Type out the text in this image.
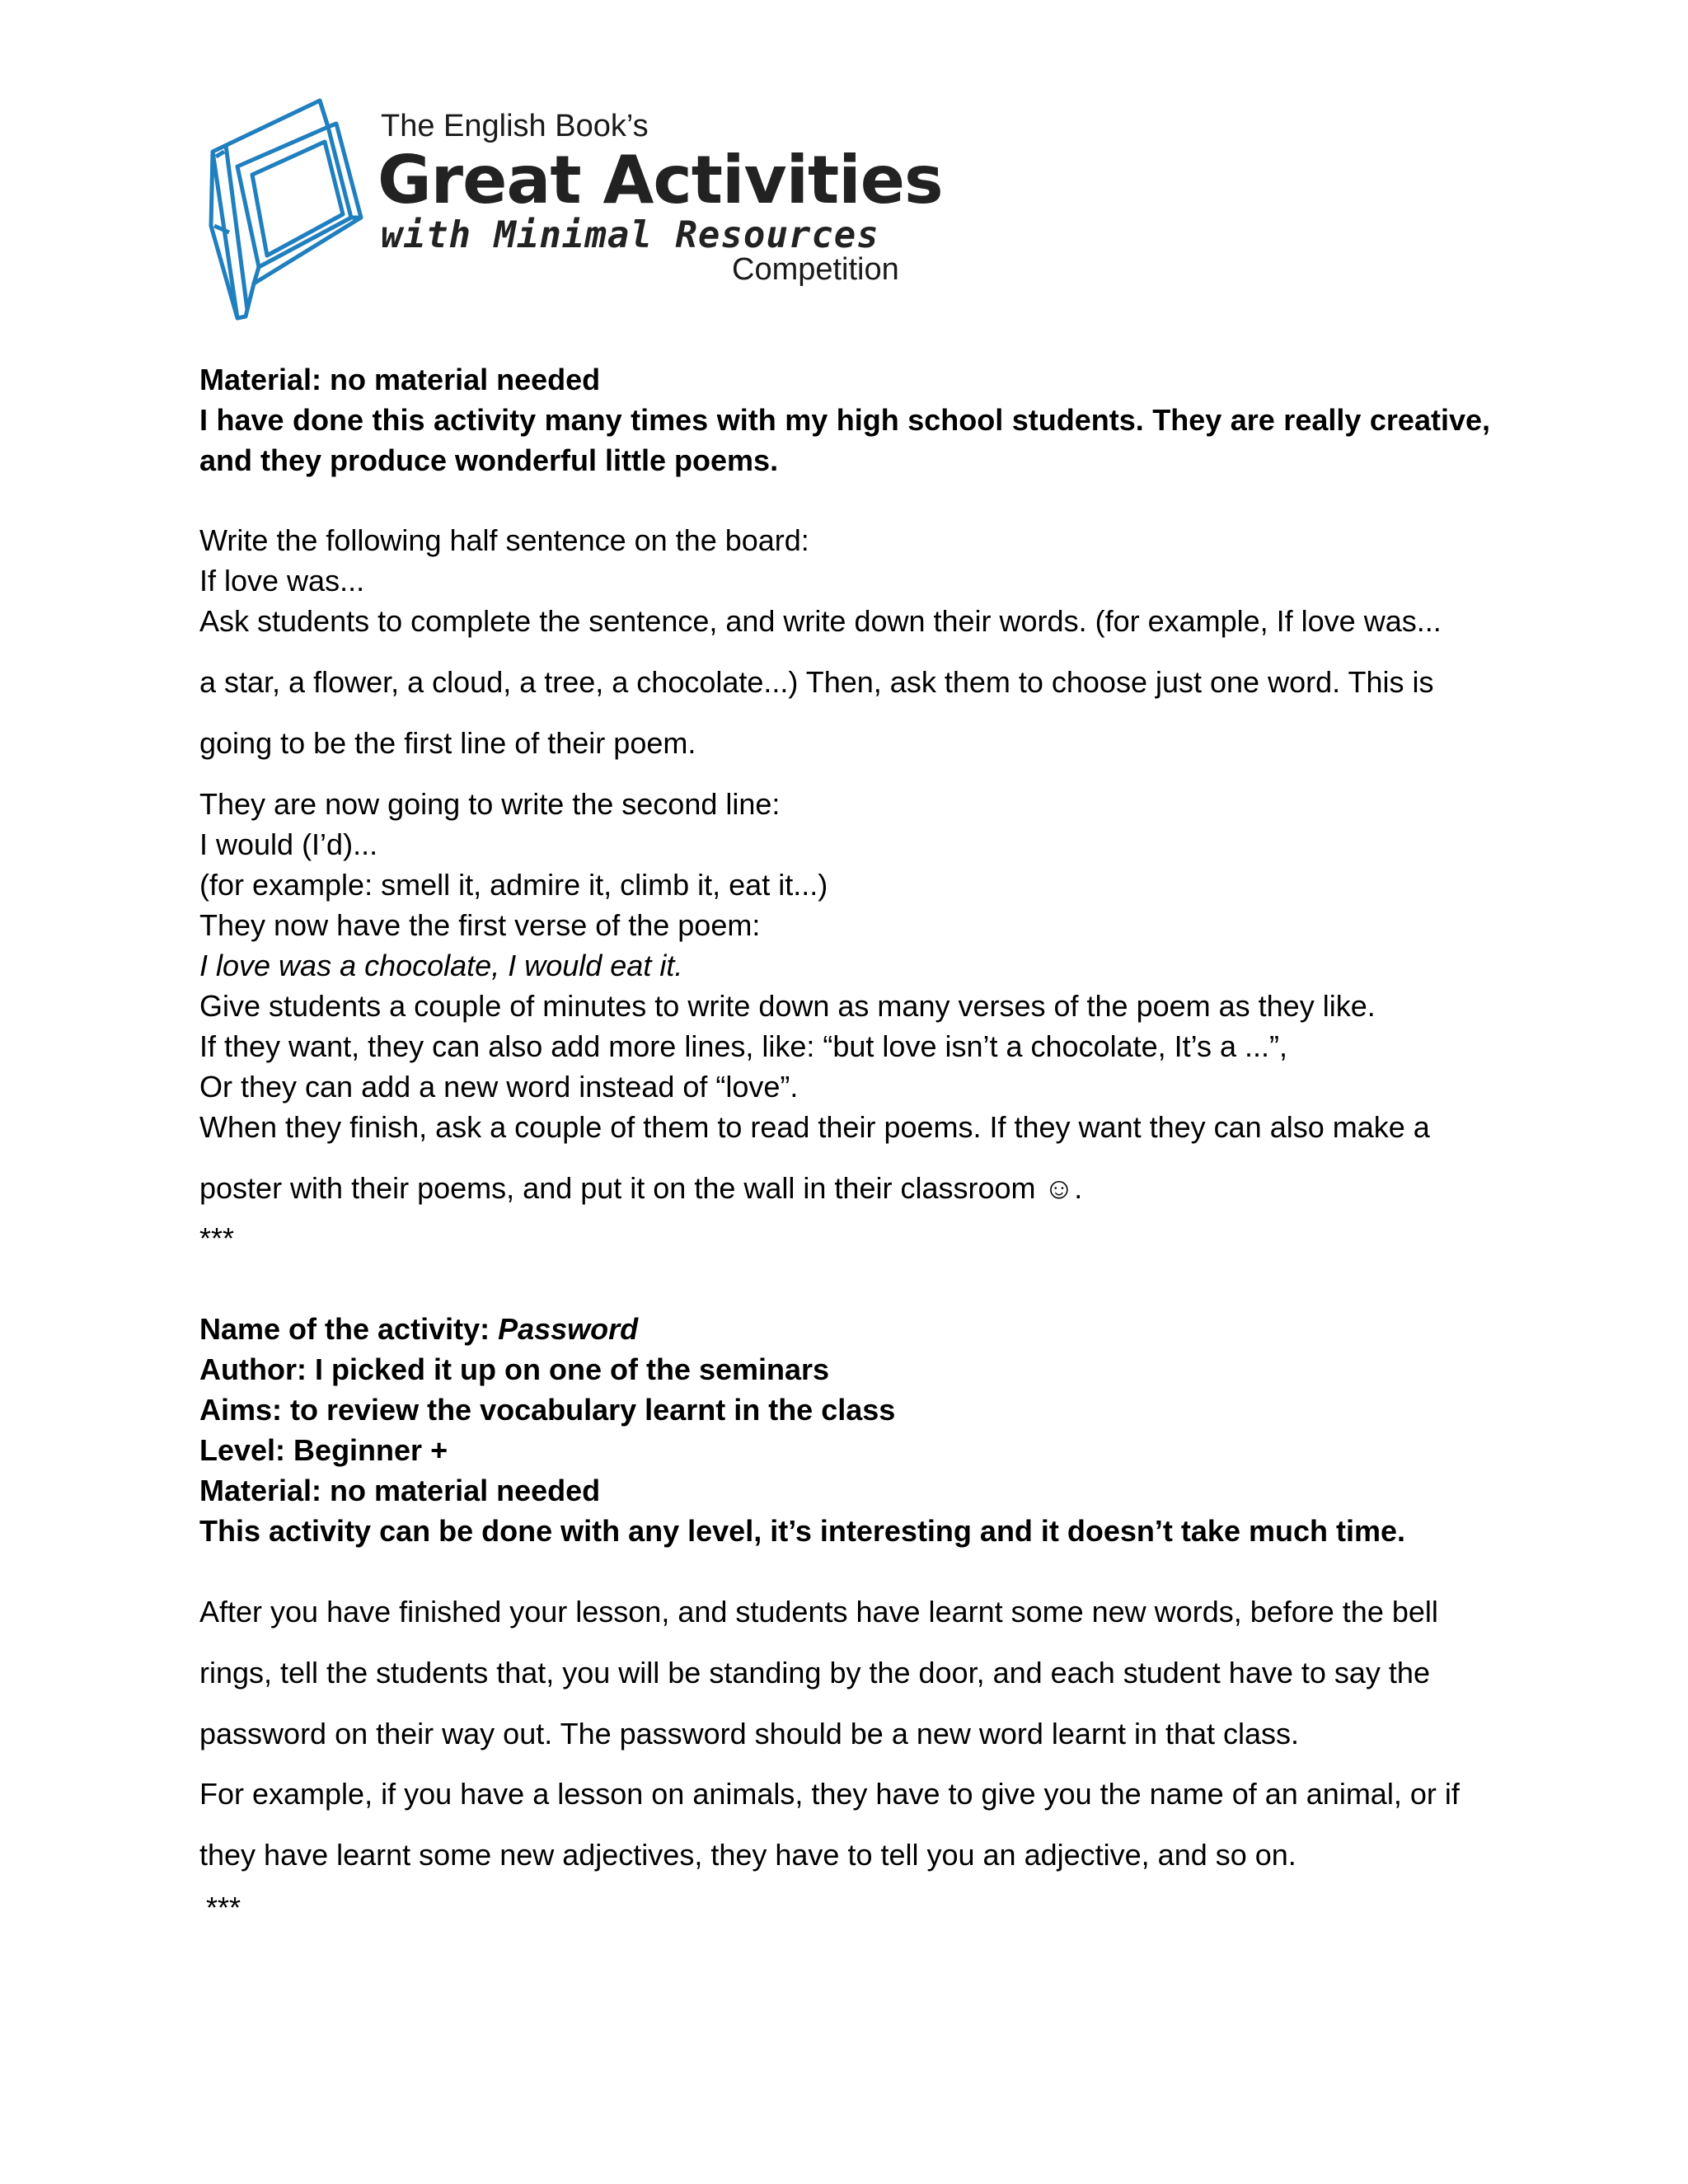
The English Book’s
Great Activities
with Minimal Resources
Competition
Material: no material needed
I have done this activity many times with my high school students. They are really creative, and they produce wonderful little poems.
Write the following half sentence on the board:
If love was...
Ask students to complete the sentence, and write down their words. (for example, If love was...
a star, a flower, a cloud, a tree, a chocolate...) Then, ask them to choose just one word. This is
going to be the first line of their poem.
They are now going to write the second line:
I would (I’d)...
(for example: smell it, admire it, climb it, eat it...)
They now have the first verse of the poem:
I love was a chocolate, I would eat it.
Give students a couple of minutes to write down as many verses of the poem as they like.
If they want, they can also add more lines, like: “but love isn’t a chocolate, It’s a ...”,
Or they can add a new word instead of “love”.
When they finish, ask a couple of them to read their poems. If they want they can also make a
poster with their poems, and put it on the wall in their classroom ☺.
***
Name of the activity: Password
Author: I picked it up on one of the seminars
Aims: to review the vocabulary learnt in the class
Level: Beginner +
Material: no material needed
This activity can be done with any level, it’s interesting and it doesn’t take much time.
After you have finished your lesson, and students have learnt some new words, before the bell
rings, tell the students that, you will be standing by the door, and each student have to say the
password on their way out. The password should be a new word learnt in that class.
For example, if you have a lesson on animals, they have to give you the name of an animal, or if
they have learnt some new adjectives, they have to tell you an adjective, and so on.
***
